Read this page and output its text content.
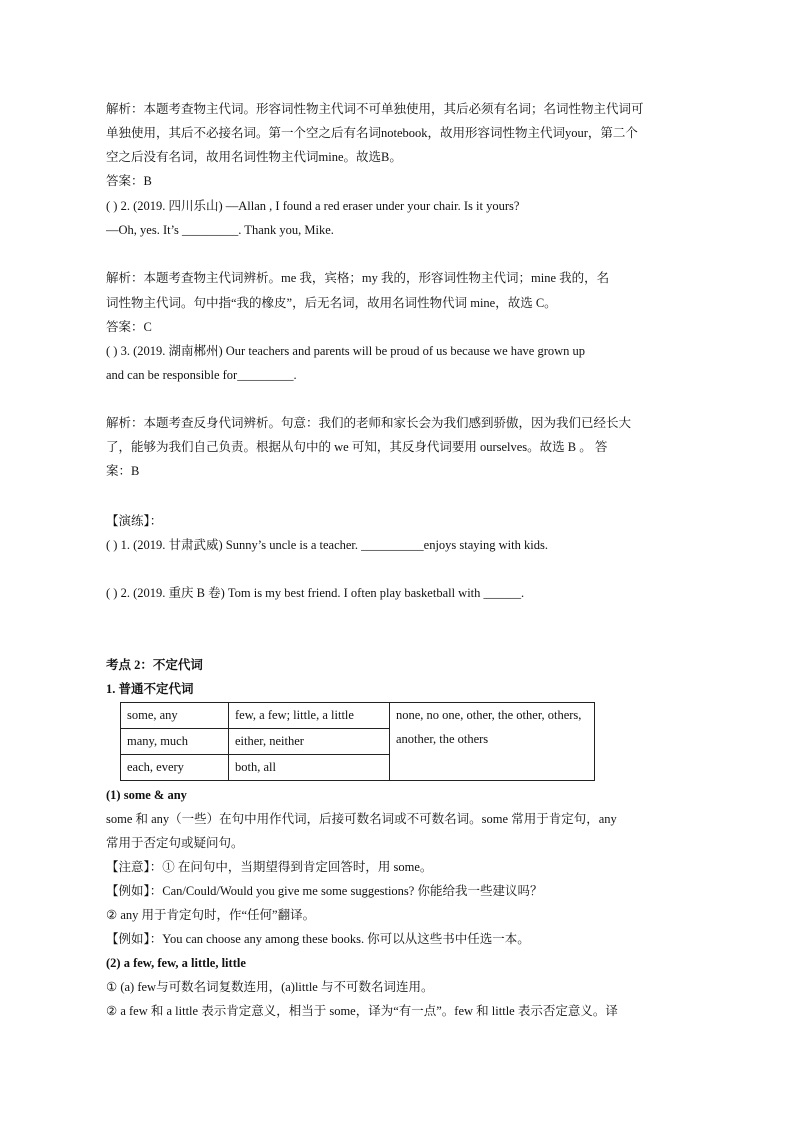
解析：本题考查物主代词。形容词性物主代词不可单独使用，其后必须有名词；名词性物主代词可
单独使用，其后不必接名词。第一个空之后有名词notebook，故用形容词性物主代词your，第二个
空之后没有名词，故用名词性物主代词mine。故选B。
答案：B
( ) 2. (2019. 四川乐山) —Allan , I found a red eraser under your chair. Is it yours?
—Oh, yes. It’s _________. Thank you, Mike.
解析：本题考查物主代词辨析。me 我，宾格；my 我的，形容词性物主代词；mine 我的，名
词性物主代词。句中指“我的橡皮”，后无名词，故用名词性物代词 mine，故选 C。
答案：C
( ) 3. (2019. 湖南郴州) Our teachers and parents will be proud of us because we have grown up
and can be responsible for_________.
解析：本题考查反身代词辨析。句意：我们的老师和家长会为我们感到骄傲，因为我们已经长大
了，能够为我们自己负责。根据从句中的 we 可知，其反身代词要用 ourselves。故选 B 。 答
案：B
【演练】：
( ) 1. (2019. 甘肃武威) Sunny’s uncle is a teacher. __________enjoys staying with kids.
( ) 2. (2019. 重庆 B 卷) Tom is my best friend. I often play basketball with ______.
考点 2：不定代词
1. 普通不定代词
some, any	few, a few; little, a little	none, no one, other, the other, others, another, the others
many, much	either, neither	
each, every	both, all	
(1) some & any
some 和 any（一些）在句中用作代词，后接可数名词或不可数名词。some 常用于肯定句，any
常用于否定句或疑问句。
【注意】：① 在问句中，当期望得到肯定回答时，用 some。
【例如】：Can/Could/Would you give me some suggestions? 你能给我一些建议吗？
② any 用于肯定句时，作“任何”翻译。
【例如】：You can choose any among these books. 你可以从这些书中任选一本。
(2) a few, few, a little, little
① (a) few与可数名词复数连用，(a)little 与不可数名词连用。
② a few 和 a little 表示肯定意义，相当于 some，译为“有一点”。few 和 little 表示否定意义。译
